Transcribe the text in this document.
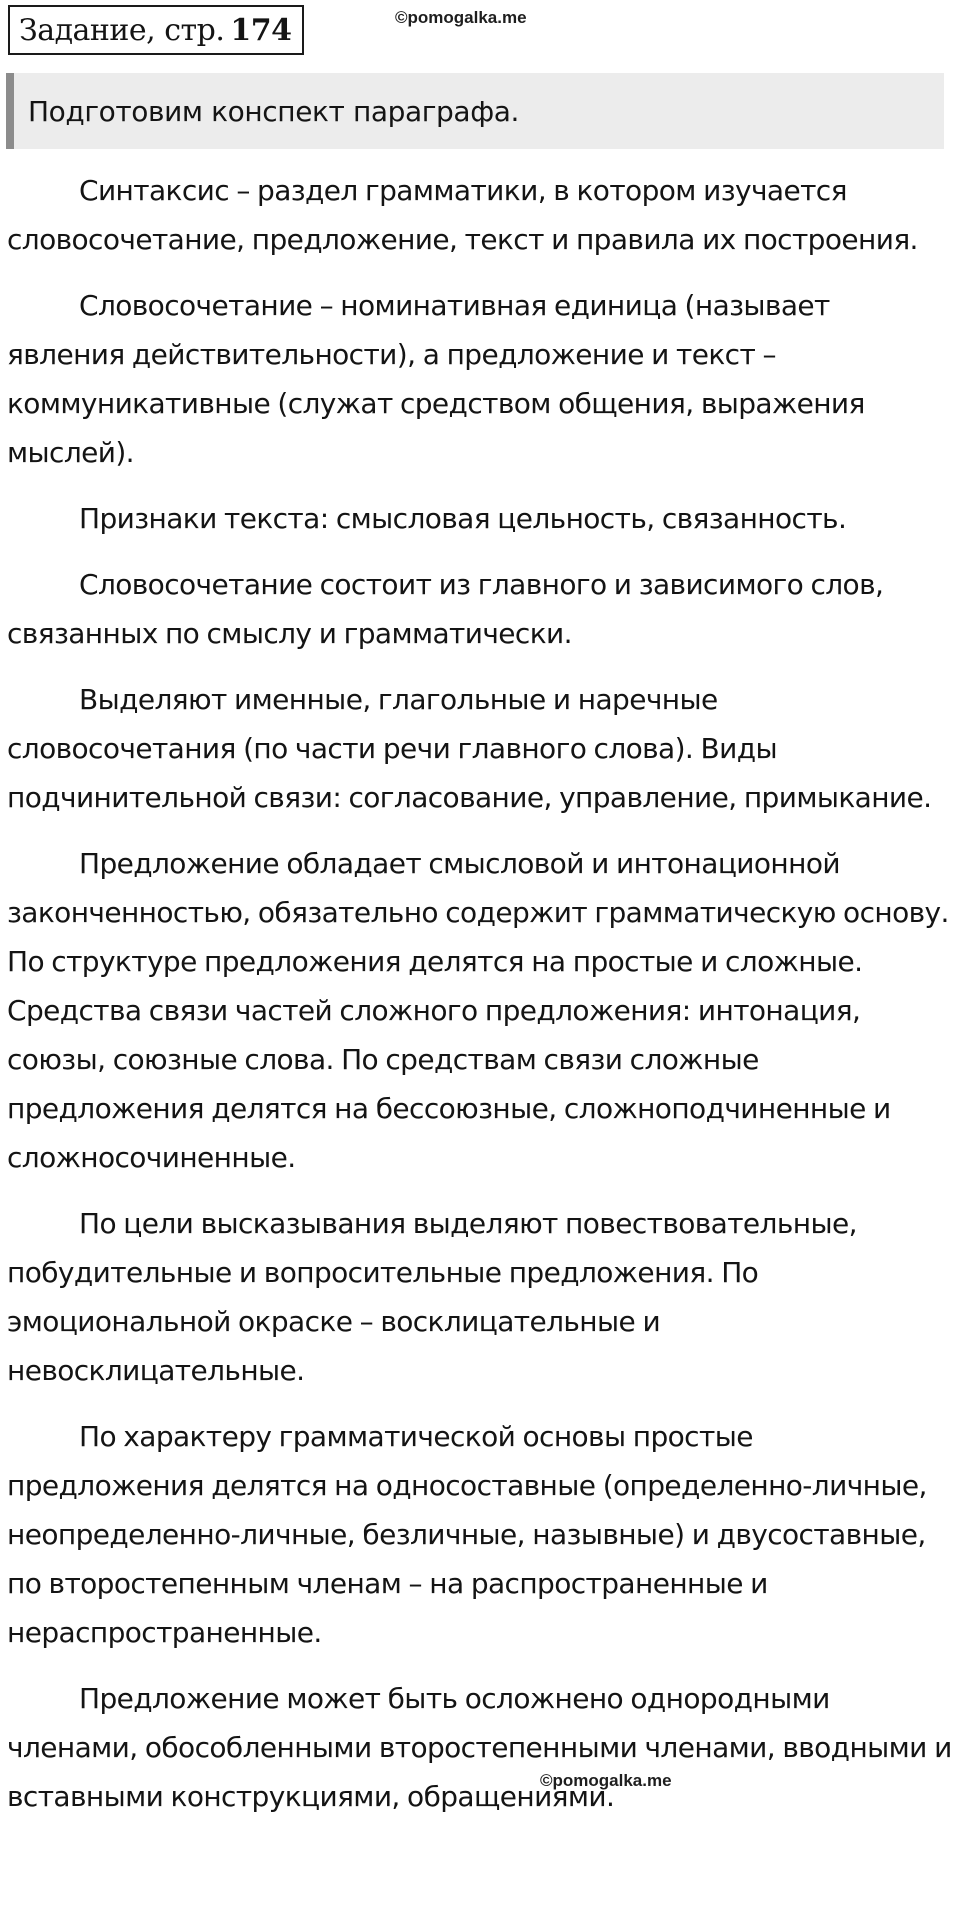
Задание, стр. 174	©pomogalka.me
Подготовим конспект параграфа.

Синтаксис – раздел грамматики, в котором изучается словосочетание, предложение, текст и правила их построения.

Словосочетание – номинативная единица (называет явления действительности), а предложение и текст – коммуникативные (служат средством общения, выражения мыслей).

Признаки текста: смысловая цельность, связанность.

Словосочетание состоит из главного и зависимого слов, связанных по смыслу и грамматически.

Выделяют именные, глагольные и наречные словосочетания (по части речи главного слова). Виды подчинительной связи: согласование, управление, примыкание.

Предложение обладает смысловой и интонационной законченностью, обязательно содержит грамматическую основу. По структуре предложения делятся на простые и сложные. Средства связи частей сложного предложения: интонация, союзы, союзные слова. По средствам связи сложные предложения делятся на бессоюзные, сложноподчиненные и сложносочиненные.

По цели высказывания выделяют повествовательные, побудительные и вопросительные предложения. По эмоциональной окраске – восклицательные и невосклицательные.

По характеру грамматической основы простые предложения делятся на односоставные (определенно-личные, неопределенно-личные, безличные, назывные) и двусоставные, по второстепенным членам – на распространенные и нераспространенные.

Предложение может быть осложнено однородными членами, обособленными второстепенными членами, вводными и вставными конструкциями, обращениями.

©pomogalka.me
